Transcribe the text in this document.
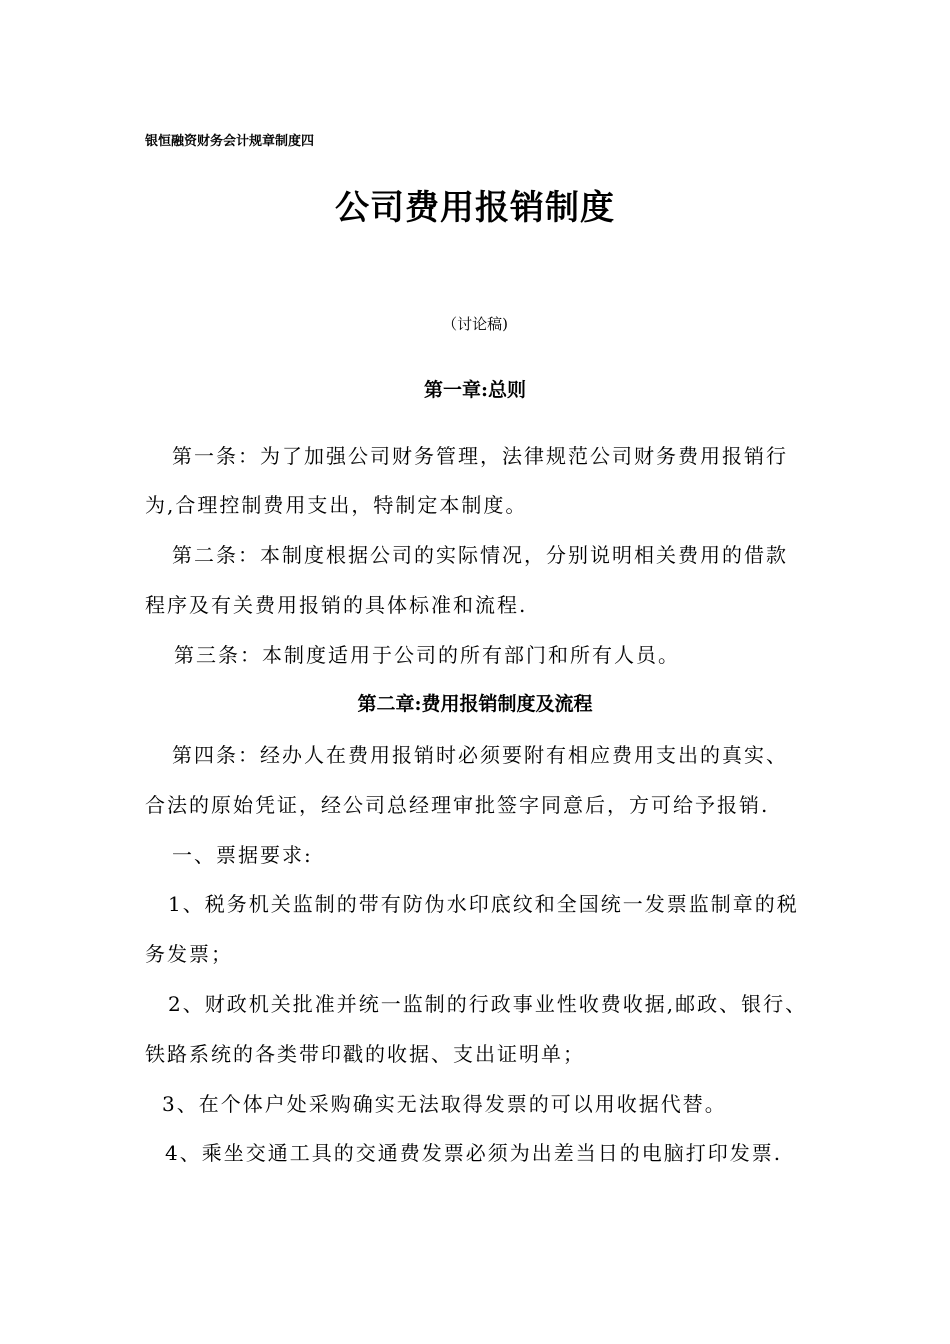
银恒融资财务会计规章制度四
公司费用报销制度
（讨论稿)
第一章:总则
第一条：为了加强公司财务管理，法律规范公司财务费用报销行
为,合理控制费用支出，特制定本制度。
第二条：本制度根据公司的实际情况，分别说明相关费用的借款
程序及有关费用报销的具体标准和流程.
第三条：本制度适用于公司的所有部门和所有人员。
第二章:费用报销制度及流程
第四条：经办人在费用报销时必须要附有相应费用支出的真实、
合法的原始凭证，经公司总经理审批签字同意后，方可给予报销.
一、票据要求:
1、税务机关监制的带有防伪水印底纹和全国统一发票监制章的税
务发票；
2、财政机关批准并统一监制的行政事业性收费收据,邮政、银行、
铁路系统的各类带印戳的收据、支出证明单；
3、在个体户处采购确实无法取得发票的可以用收据代替。
4、乘坐交通工具的交通费发票必须为出差当日的电脑打印发票.
